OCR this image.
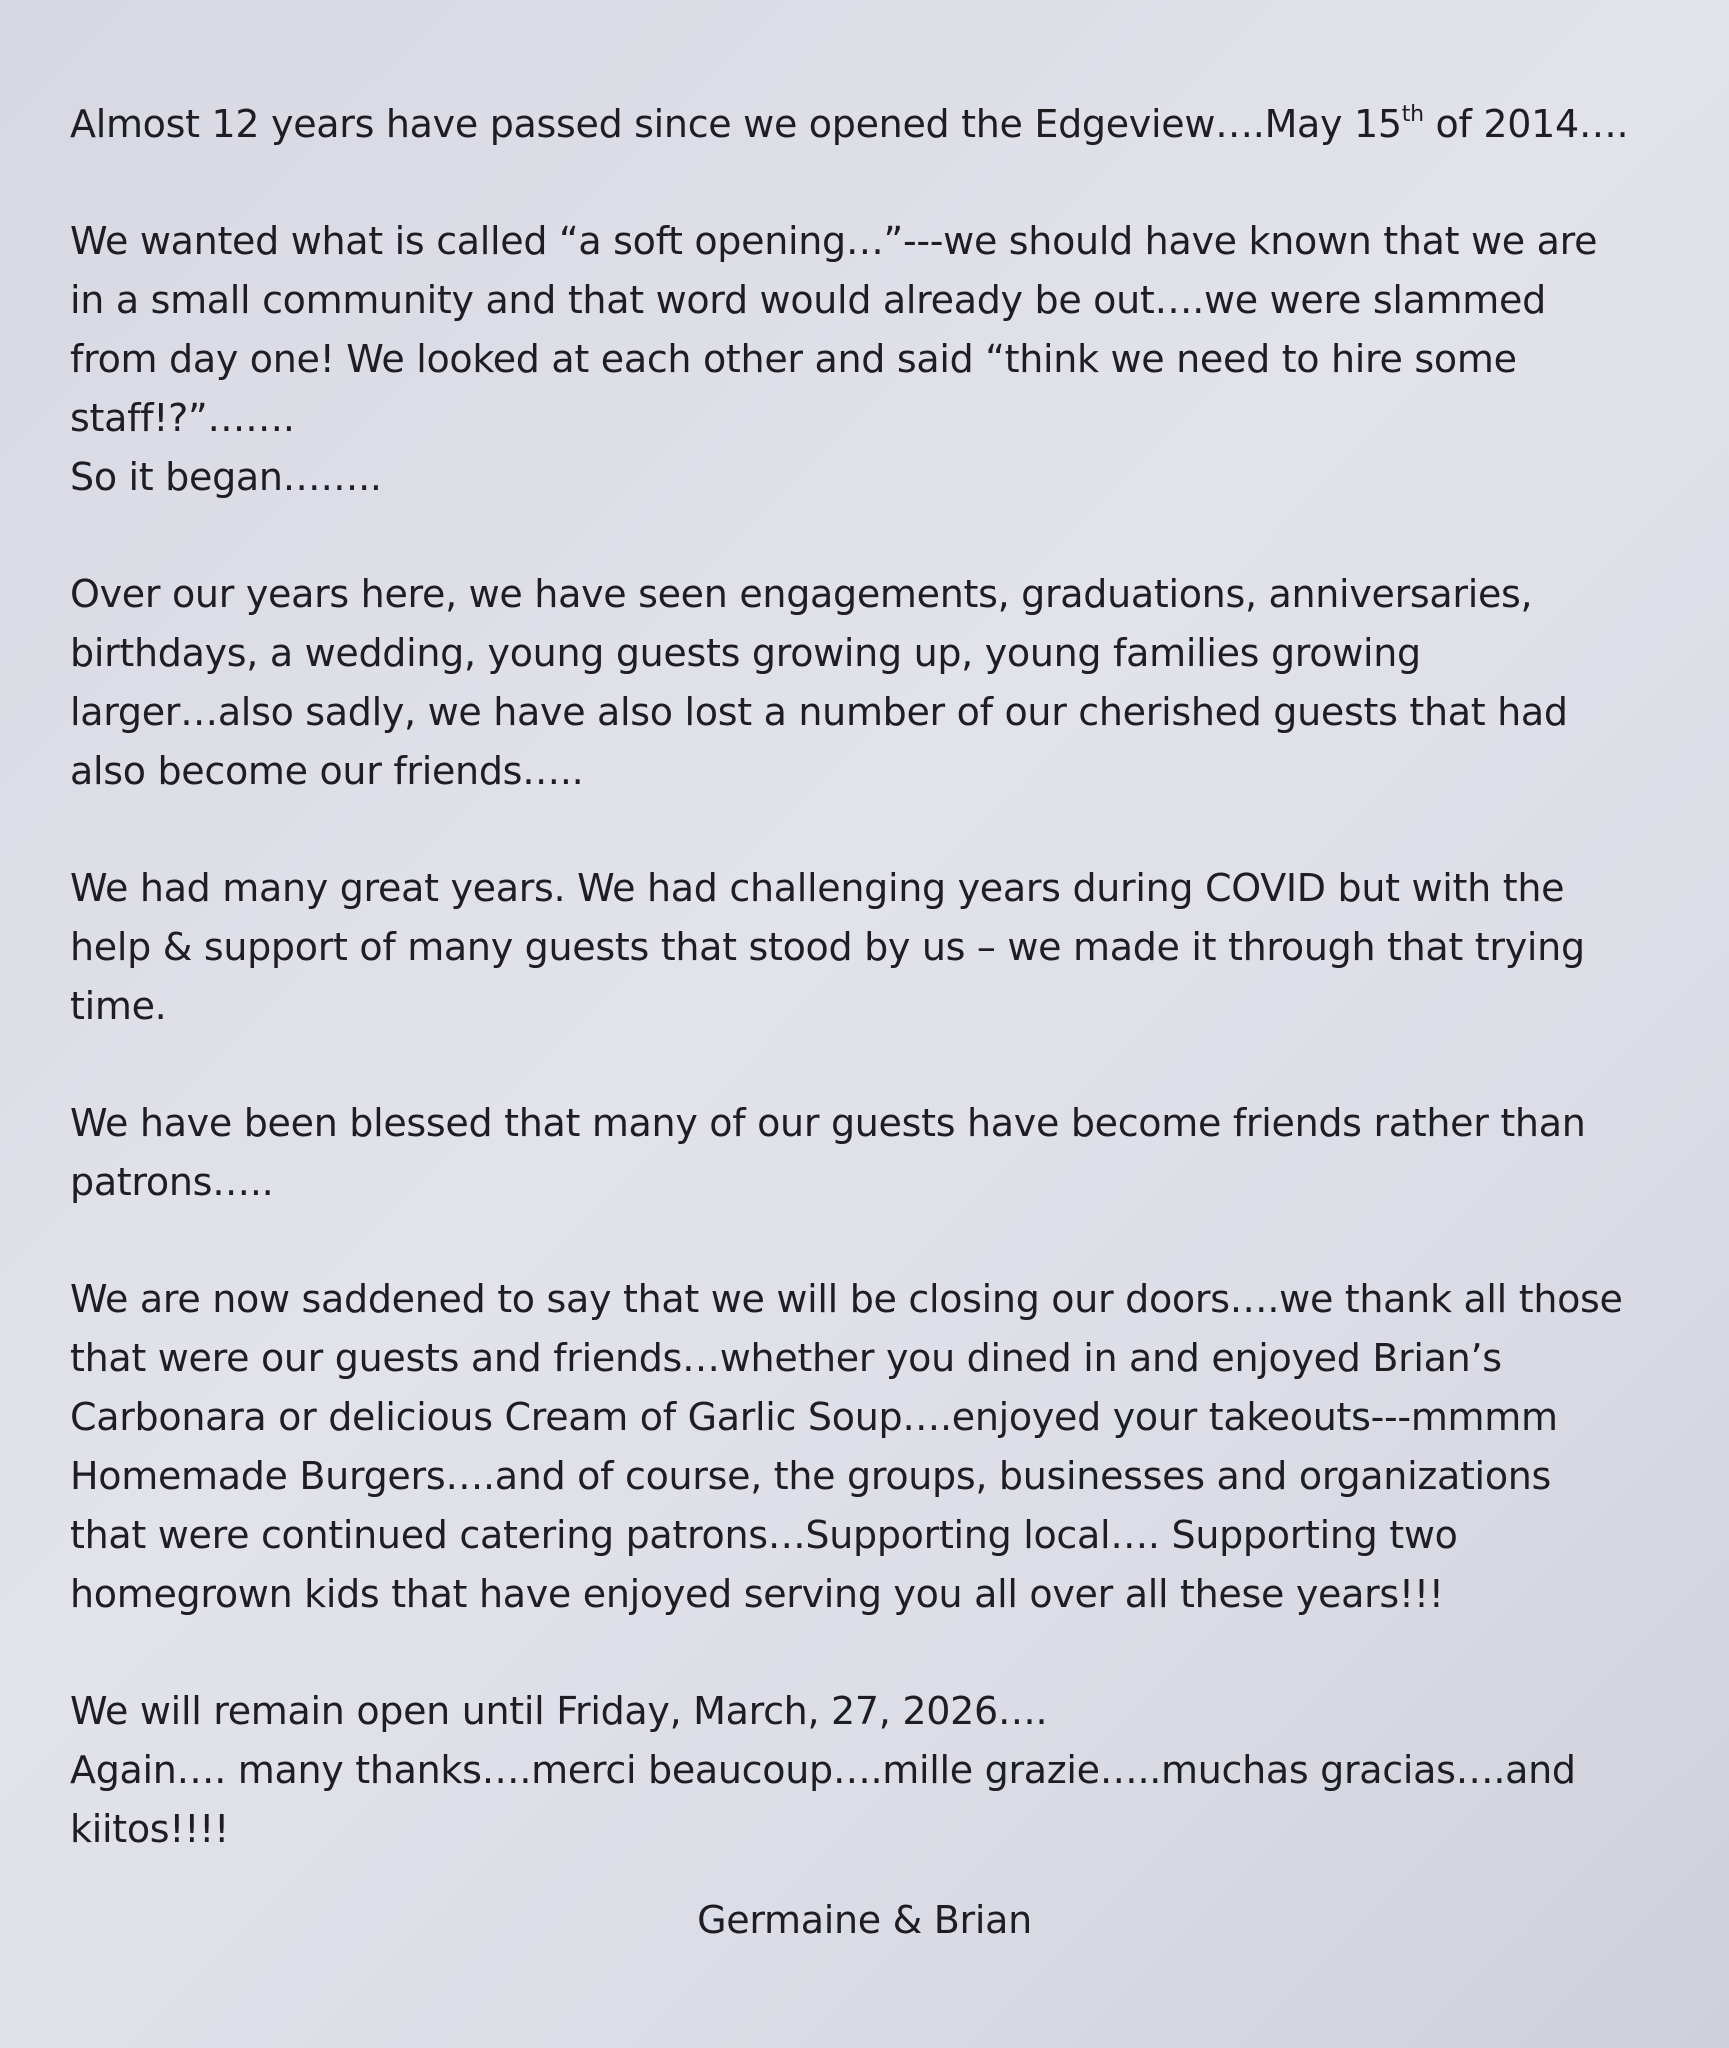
Almost 12 years have passed since we opened the Edgeview….May 15th of 2014….

We wanted what is called “a soft opening…”---we should have known that we are
in a small community and that word would already be out….we were slammed
from day one! We looked at each other and said “think we need to hire some
staff!?”…….
So it began……..

Over our years here, we have seen engagements, graduations, anniversaries,
birthdays, a wedding, young guests growing up, young families growing
larger…also sadly, we have also lost a number of our cherished guests that had
also become our friends…..

We had many great years. We had challenging years during COVID but with the
help & support of many guests that stood by us – we made it through that trying
time.

We have been blessed that many of our guests have become friends rather than
patrons…..

We are now saddened to say that we will be closing our doors….we thank all those
that were our guests and friends…whether you dined in and enjoyed Brian’s
Carbonara or delicious Cream of Garlic Soup….enjoyed your takeouts---mmmm
Homemade Burgers….and of course, the groups, businesses and organizations
that were continued catering patrons…Supporting local…. Supporting two
homegrown kids that have enjoyed serving you all over all these years!!!

We will remain open until Friday, March, 27, 2026….
Again…. many thanks….merci beaucoup….mille grazie…..muchas gracias….and
kiitos!!!!

Germaine & Brian
